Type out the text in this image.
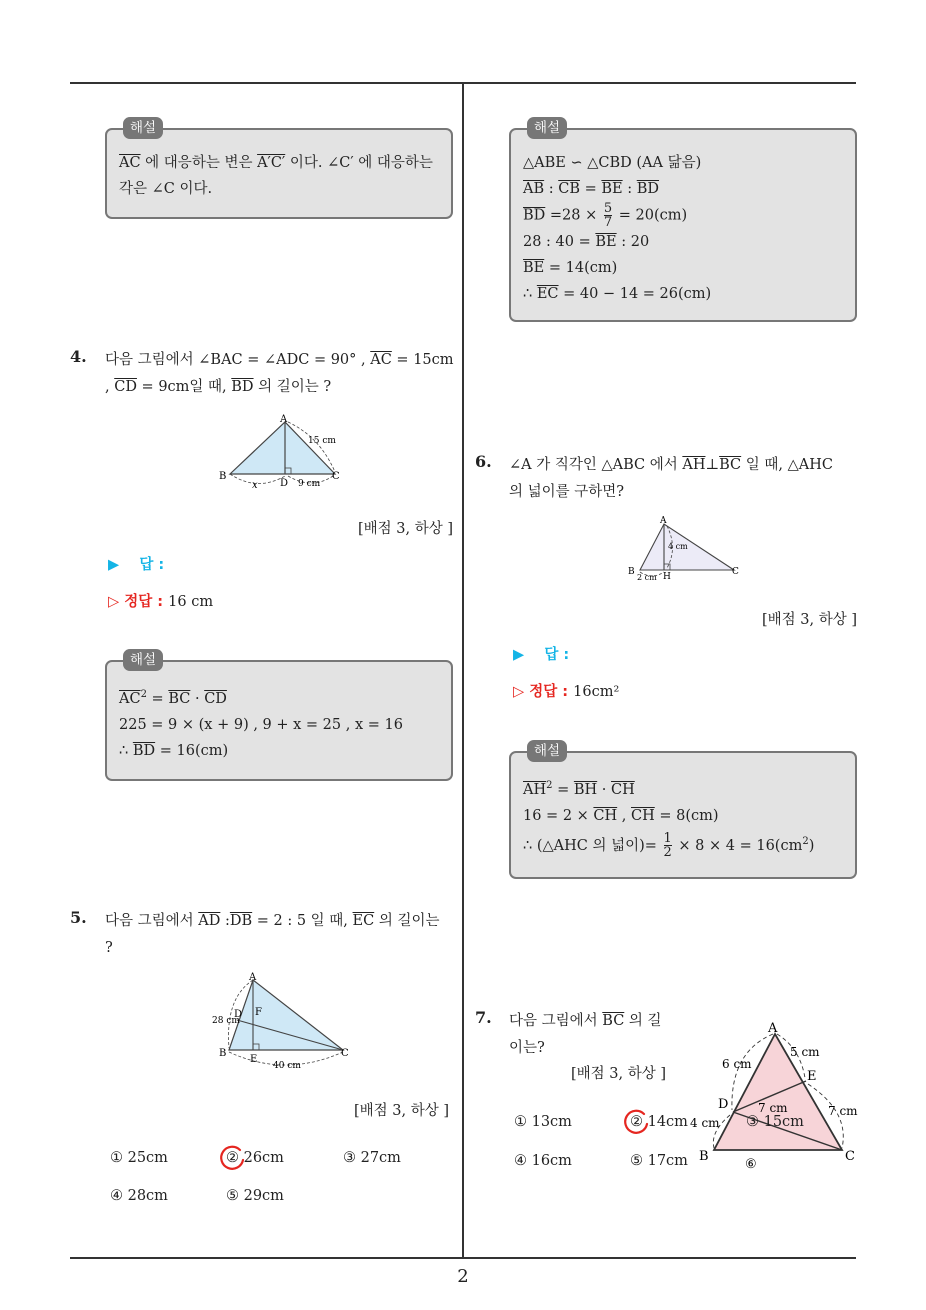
해설
$\overline{AC}$ 에 대응하는 변은 A′C′ 이다. ∠C′ 에 대응하는
각은 ∠C 이다.
4. 다음 그림에서 ∠BAC = ∠ADC = 90° , $\overline{AC} = 15cm$
, $\overline{CD} = 9cm$일 때, $\overline{BD}$ 의 길이는 ?
A
B	C
D
x	9 cm
15 cm
[배점 3, 하상 ]
▶ 답 :
▷ 정답 : 16 cm
해설
$\overline{AC}^2 = \overline{BC} \cdot \overline{CD}$
225 = 9 × (x + 9) , 9 + x = 25 , x = 16
∴ $\overline{BD} = 16(cm)$
5. 다음 그림에서 $\overline{AD}$ $:\overline{DB} = 2$ : 5 일 때, $\overline{EC}$ 의 길이는
?
A
B	C
D
E
F
28 cm
40 cm
[배점 3, 하상 ]
① 25cm	② 26cm	③ 27cm
④ 28cm	⑤ 29cm
해설
△ABE ∽ △CBD (AA 닮음)
$\overline{AB}$ : $\overline{CB} = \overline{BE}$ : $\overline{BD}$
$\overline{BD} =28 \times \frac{5}{7} = 20(cm)$
28 : $40 = \overline{BE}$ : 20
$\overline{BE} = 14(cm)$
∴ $\overline{EC} = 40 - 14 = 26(cm)$
6. ∠A 가 직각인 △ABC 에서 $\overline{AH}\perp\overline{BC}$ 일 때, △AHC
의 넓이를 구하면?
A
B	C
H
4 cm
2 cm
[배점 3, 하상 ]
▶ 답 :
▷ 정답 : 16cm²
해설
$\overline{AH}^2 = \overline{BH} \cdot \overline{CH}$
$16 = 2 \times \overline{CH}$ , $\overline{CH} = 8(cm)$
∴ (△AHC 의 넓이)= $\frac{1}{2} \times 8 \times 4 = 16(cm^2)$
7. 다음 그림에서 $\overline{BC}$ 의 길
이는?
[배점 3, 하상 ]
A
B	C
D
E
5 cm
6 cm
7 cm	7 cm
4 cm
⑥
① 13cm	② 14cm	③ 15cm
④ 16cm	⑤ 17cm
2
